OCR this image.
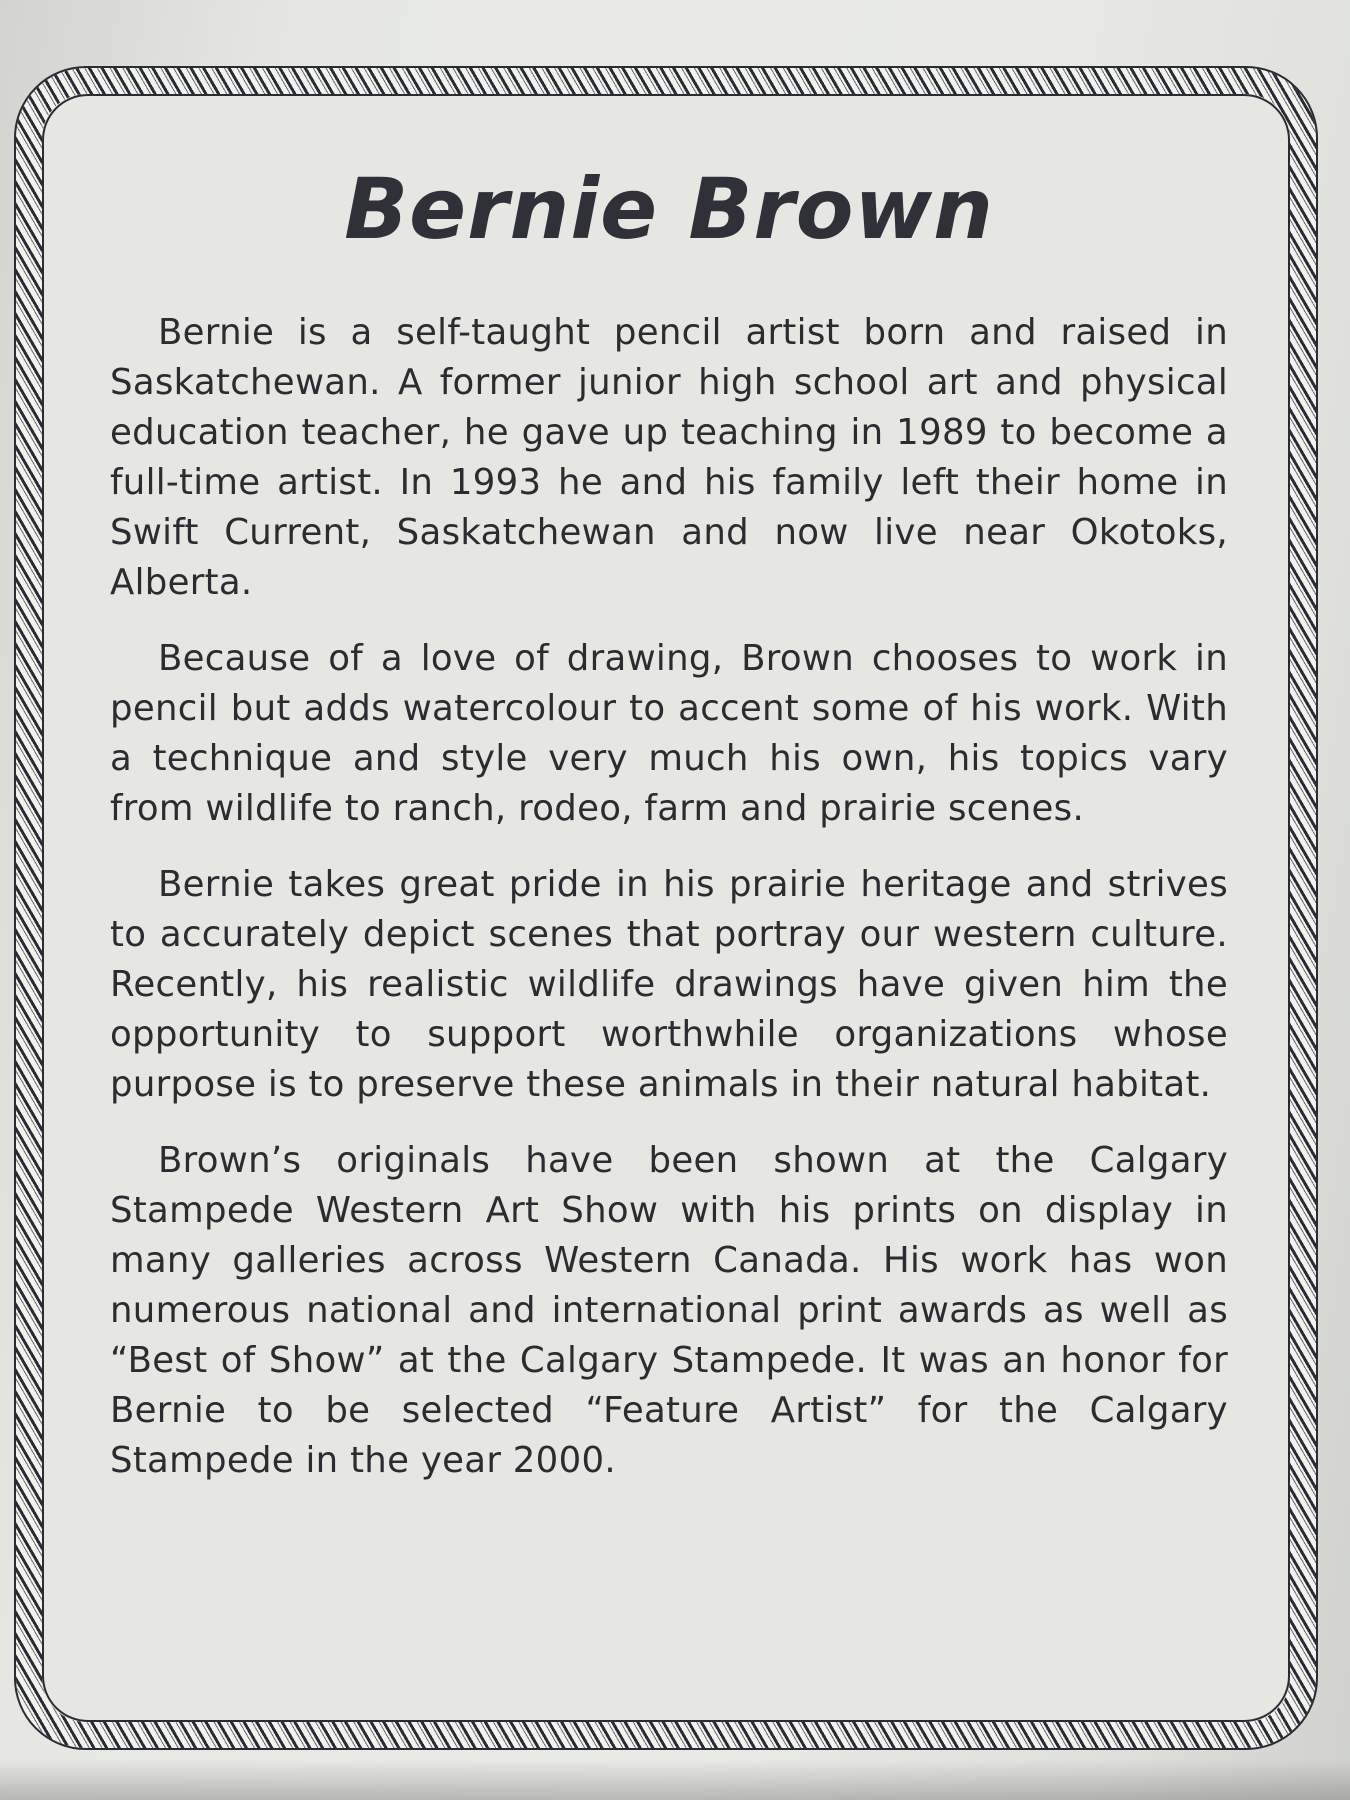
Bernie Brown

Bernie is a self-taught pencil artist born and raised in Saskatchewan. A former junior high school art and physical education teacher, he gave up teaching in 1989 to become a full-time artist. In 1993 he and his family left their home in Swift Current, Saskatchewan and now live near Okotoks, Alberta.

Because of a love of drawing, Brown chooses to work in pencil but adds watercolour to accent some of his work. With a technique and style very much his own, his topics vary from wildlife to ranch, rodeo, farm and prairie scenes.

Bernie takes great pride in his prairie heritage and strives to accurately depict scenes that portray our western culture. Recently, his realistic wildlife drawings have given him the opportunity to support worthwhile organizations whose purpose is to preserve these animals in their natural habitat.

Brown’s originals have been shown at the Calgary Stampede Western Art Show with his prints on display in many galleries across Western Canada. His work has won numerous national and international print awards as well as “Best of Show” at the Calgary Stampede. It was an honor for Bernie to be selected “Feature Artist” for the Calgary Stampede in the year 2000.
